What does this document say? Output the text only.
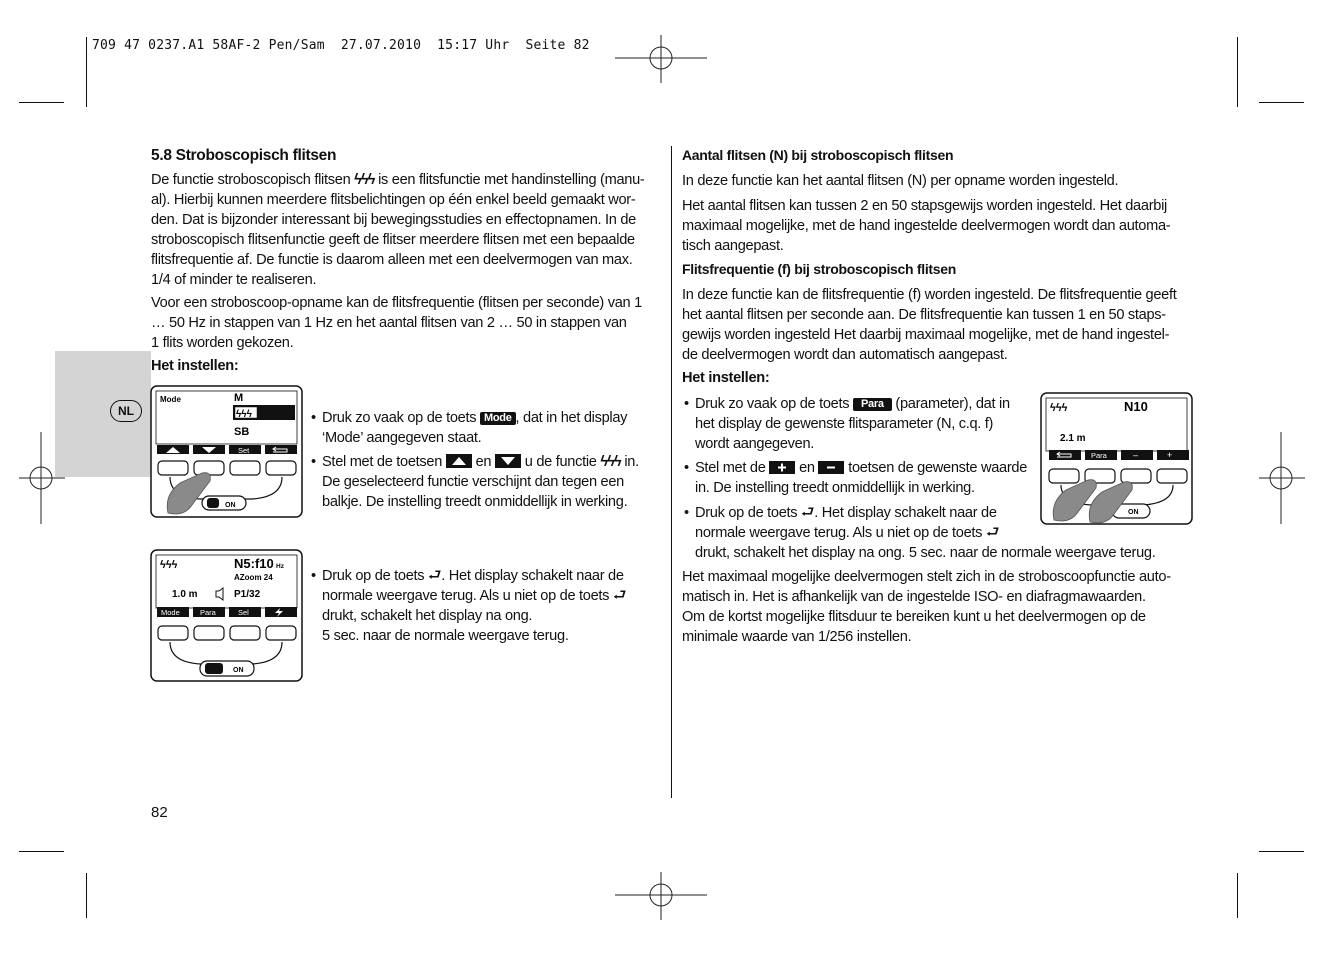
709 47 0237.A1 58AF-2 Pen/Sam  27.07.2010  15:17 Uhr  Seite 82
NL
5.8 Stroboscopisch flitsen

De functie stroboscopisch flitsen ϟϟϟ is een flitsfunctie met handinstelling (manu-

al). Hierbij kunnen meerdere flitsbelichtingen op één enkel beeld gemaakt wor-

den. Dat is bijzonder interessant bij bewegingsstudies en effectopnamen. In de

stroboscopisch flitsenfunctie geeft de flitser meerdere flitsen met een bepaalde

flitsfrequentie af. De functie is daarom alleen met een deelvermogen van max.

1/4 of minder te realiseren.

Voor een stroboscoop-opname kan de flitsfrequentie (flitsen per seconde) van 1

… 50 Hz in stappen van 1 Hz en het aantal flitsen van 2 … 50 in stappen van

1 flits worden gekozen.

Het instellen:
Mode	M
ϟϟϟ
SB
Set
ON
• Druk zo vaak op de toets Mode , dat in het display
‘Mode’ aangegeven staat.
• Stel met de toetsen en u de functie ϟϟϟ in.
De geselecteerd functie verschijnt dan tegen een
balkje. De instelling treedt onmiddellijk in werking.
ϟϟϟ	N5:f10 Hz
AZoom 24
1.0 m	P1/32
Mode	Para	Sel
ON
• Druk op de toets ⮐. Het display schakelt naar de
normale weergave terug. Als u niet op de toets ⮐
drukt, schakelt het display na ong.
5 sec. naar de normale weergave terug.
82
Aantal flitsen (N) bij stroboscopisch flitsen

In deze functie kan het aantal flitsen (N) per opname worden ingesteld.

Het aantal flitsen kan tussen 2 en 50 stapsgewijs worden ingesteld. Het daarbij

maximaal mogelijke, met de hand ingestelde deelvermogen wordt dan automa-

tisch aangepast.

Flitsfrequentie (f) bij stroboscopisch flitsen

In deze functie kan de flitsfrequentie (f) worden ingesteld. De flitsfrequentie geeft

het aantal flitsen per seconde aan. De flitsfrequentie kan tussen 1 en 50 staps-

gewijs worden ingesteld Het daarbij maximaal mogelijke, met de hand ingestel-

de deelvermogen wordt dan automatisch aangepast.

Het instellen:
• Druk zo vaak op de toets Para (parameter), dat in
het display de gewenste flitsparameter (N, c.q. f)
wordt aangegeven.
• Stel met de en toetsen de gewenste waarde
in. De instelling treedt onmiddellijk in werking.
• Druk op de toets ⮐. Het display schakelt naar de
normale weergave terug. Als u niet op de toets ⮐
drukt, schakelt het display na ong. 5 sec. naar de normale weergave terug.
ϟϟϟ	N10
2.1 m
Para	–	+
ON

Het maximaal mogelijke deelvermogen stelt zich in de stroboscoopfunctie auto-

matisch in. Het is afhankelijk van de ingestelde ISO- en diafragmawaarden.

Om de kortst mogelijke flitsduur te bereiken kunt u het deelvermogen op de

minimale waarde van 1/256 instellen.
